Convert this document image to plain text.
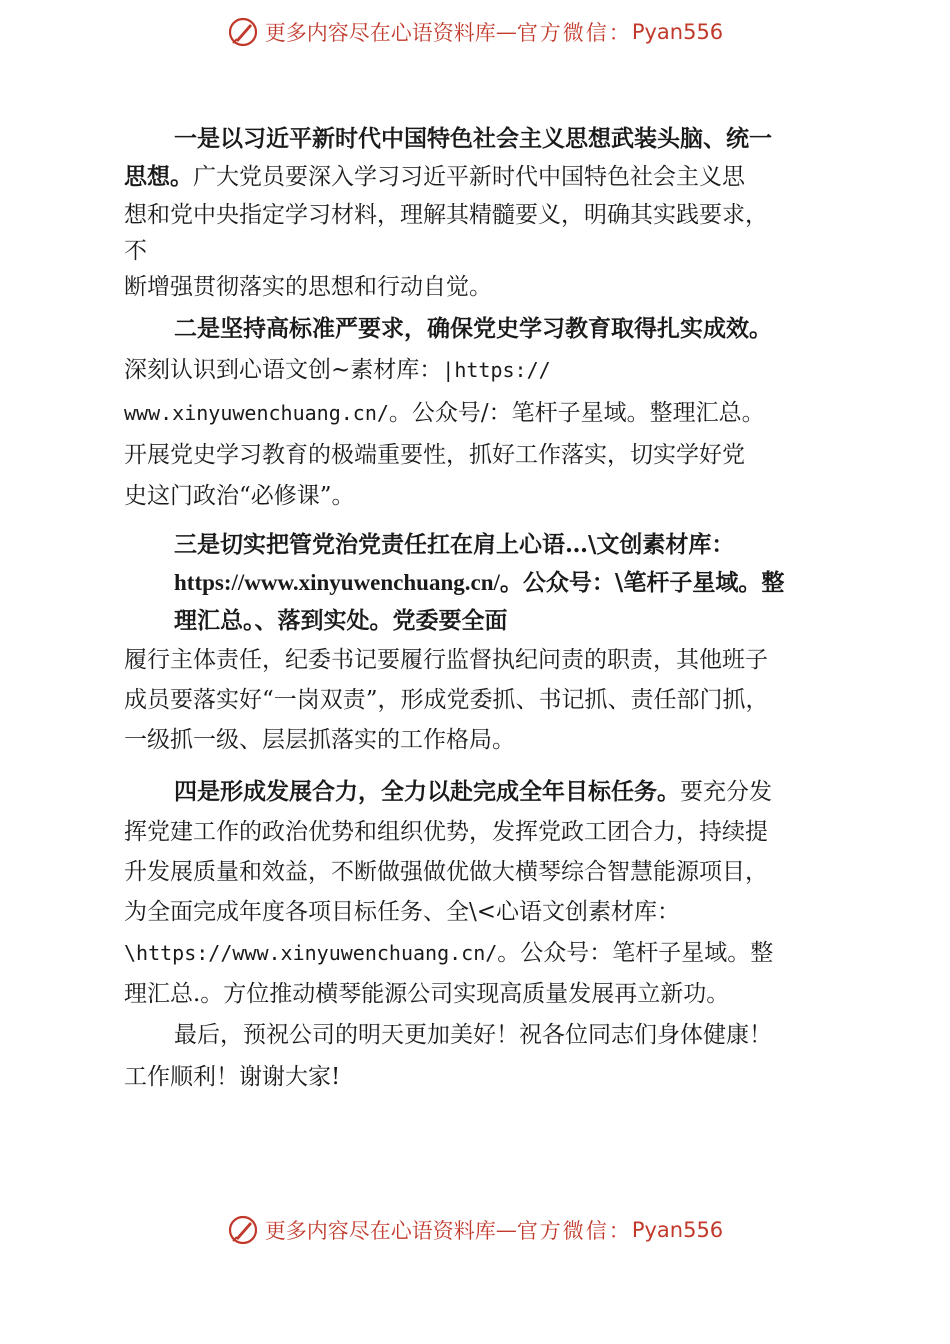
更多内容尽在心语资料库 — 官方微信： Pyan556
一是以习近平新时代中国特色社会主义思想武装头脑、统一
思想。广大党员要深入学习习近平新时代中国特色社会主义思
想和党中央指定学习材料，理解其精髓要义，明确其实践要求，
不
断增强贯彻落实的思想和行动自觉。
二是坚持高标准严要求，确保党史学习教育取得扎实成效。
深刻认识到心语文创~素材库：|https://
www.xinyuwenchuang.cn/。公众号/：笔杆子星域。整理汇总。
开展党史学习教育的极端重要性，抓好工作落实，切实学好党
史这门政治“必修课”。
三是切实把管党治党责任扛在肩上心语…\文创素材库：
https://www.xinyuwenchuang.cn/。公众号：\笔杆子星域。整
理汇总。、落到实处。党委要全面
履行主体责任，纪委书记要履行监督执纪问责的职责，其他班子
成员要落实好“一岗双责”，形成党委抓、书记抓、责任部门抓，
一级抓一级、层层抓落实的工作格局。
四是形成发展合力，全力以赴完成全年目标任务。要充分发
挥党建工作的政治优势和组织优势，发挥党政工团合力，持续提
升发展质量和效益，不断做强做优做大横琴综合智慧能源项目，
为全面完成年度各项目标任务、全\<心语文创素材库：
\https://www.xinyuwenchuang.cn/。公众号：笔杆子星域。整
理汇总.。方位推动横琴能源公司实现高质量发展再立新功。
最后，预祝公司的明天更加美好！祝各位同志们身体健康！
工作顺利！谢谢大家!
更多内容尽在心语资料库 — 官方微信： Pyan556
